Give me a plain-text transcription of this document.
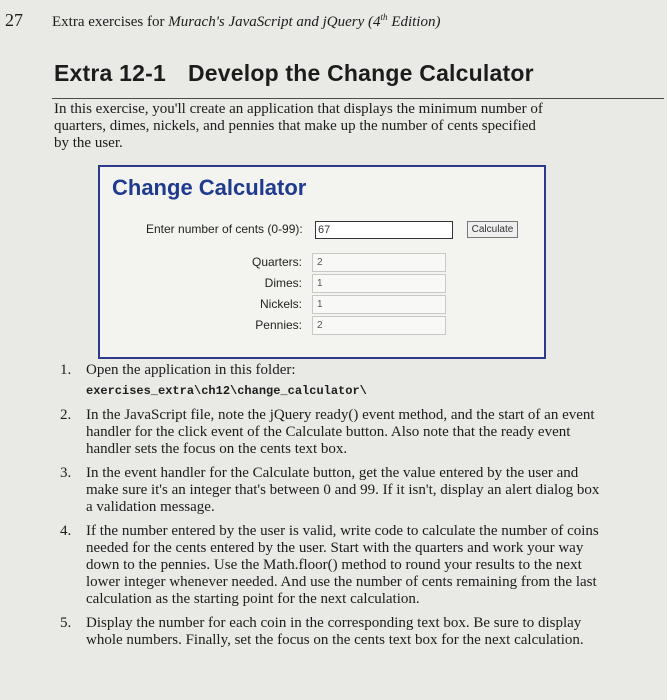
27 Extra exercises for Murach's JavaScript and jQuery (4th Edition)
Extra 12-1 Develop the Change Calculator
In this exercise, you'll create an application that displays the minimum number of quarters, dimes, nickels, and pennies that make up the number of cents specified by the user.
Change Calculator
Enter number of cents (0-99): 67	Calculate
Quarters:	2
Dimes:	1
Nickels:	1
Pennies:	2
1. Open the application in this folder:
exercises_extra\ch12\change_calculator\
2. In the JavaScript file, note the jQuery ready() event method, and the start of an event handler for the click event of the Calculate button. Also note that the ready event handler sets the focus on the cents text box.
3. In the event handler for the Calculate button, get the value entered by the user and make sure it's an integer that's between 0 and 99. If it isn't, display an alert dialog box a validation message.
4. If the number entered by the user is valid, write code to calculate the number of coins needed for the cents entered by the user. Start with the quarters and work your way down to the pennies. Use the Math.floor() method to round your results to the next lower integer whenever needed. And use the number of cents remaining from the last calculation as the starting point for the next calculation.
5. Display the number for each coin in the corresponding text box. Be sure to display whole numbers. Finally, set the focus on the cents text box for the next calculation.
